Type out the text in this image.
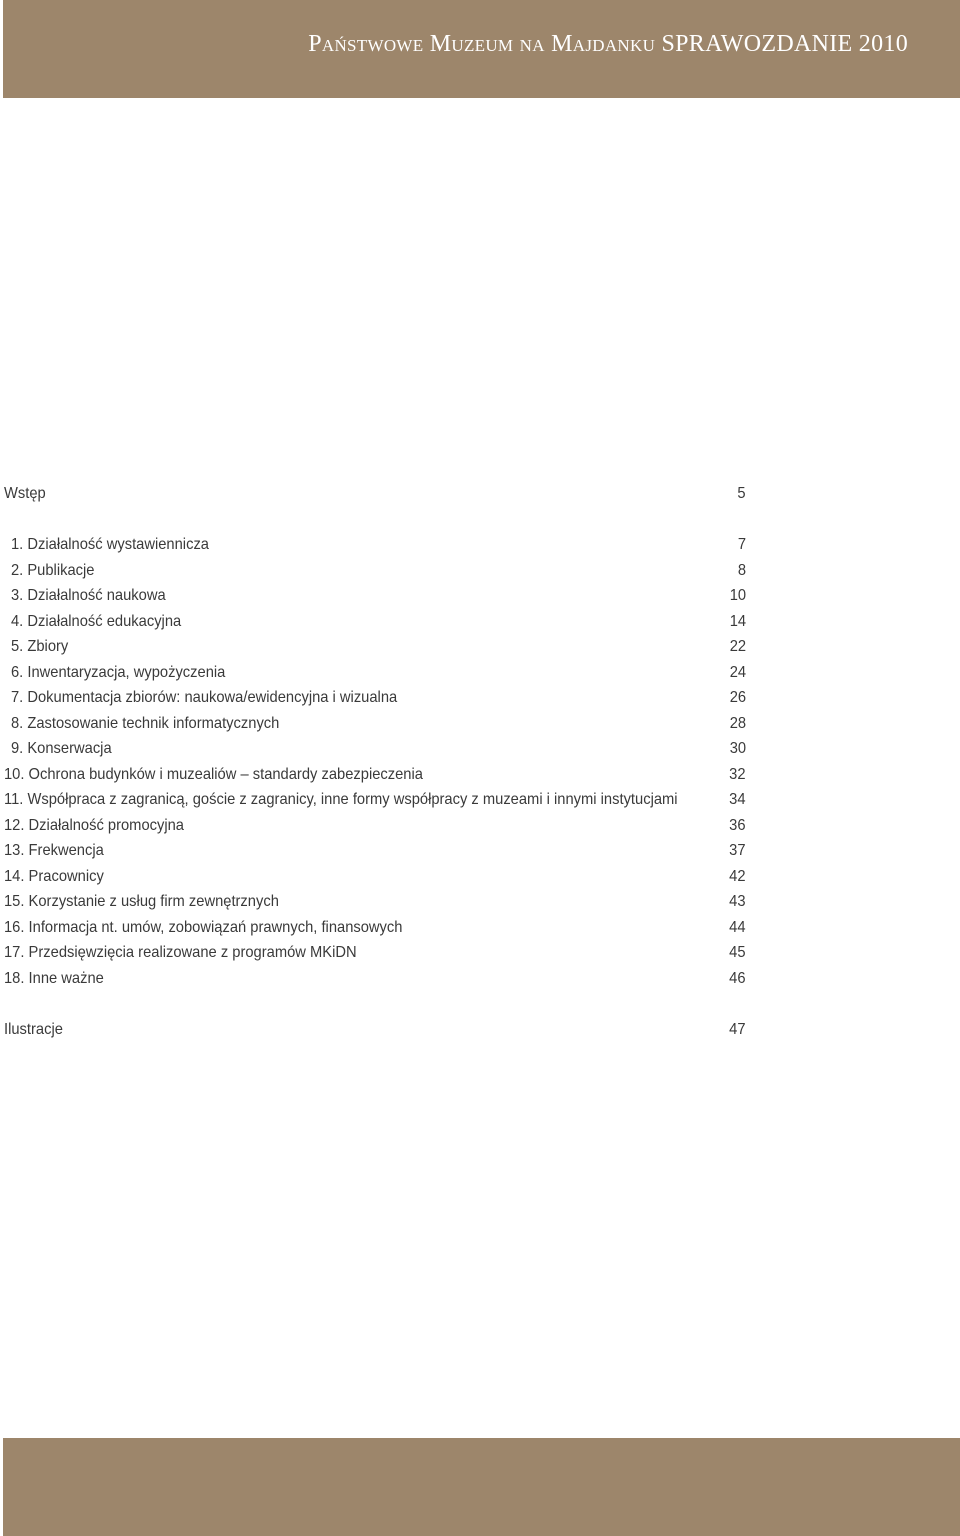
Państwowe Muzeum na Majdanku SPRAWOZDANIE 2010
Wstęp	5
1. Działalność wystawiennicza	7
2. Publikacje	8
3. Działalność naukowa	10
4. Działalność edukacyjna	14
5. Zbiory	22
6. Inwentaryzacja, wypożyczenia	24
7. Dokumentacja zbiorów: naukowa/ewidencyjna i wizualna	26
8. Zastosowanie technik informatycznych	28
9. Konserwacja	30
10. Ochrona budynków i muzealiów – standardy zabezpieczenia	32
11. Współpraca z zagranicą, goście z zagranicy, inne formy współpracy z muzeami i innymi instytucjami	34
12. Działalność promocyjna	36
13. Frekwencja	37
14. Pracownicy	42
15. Korzystanie z usług firm zewnętrznych	43
16. Informacja nt. umów, zobowiązań prawnych, finansowych	44
17. Przedsięwzięcia realizowane z programów MKiDN	45
18. Inne ważne	46
Ilustracje	47
